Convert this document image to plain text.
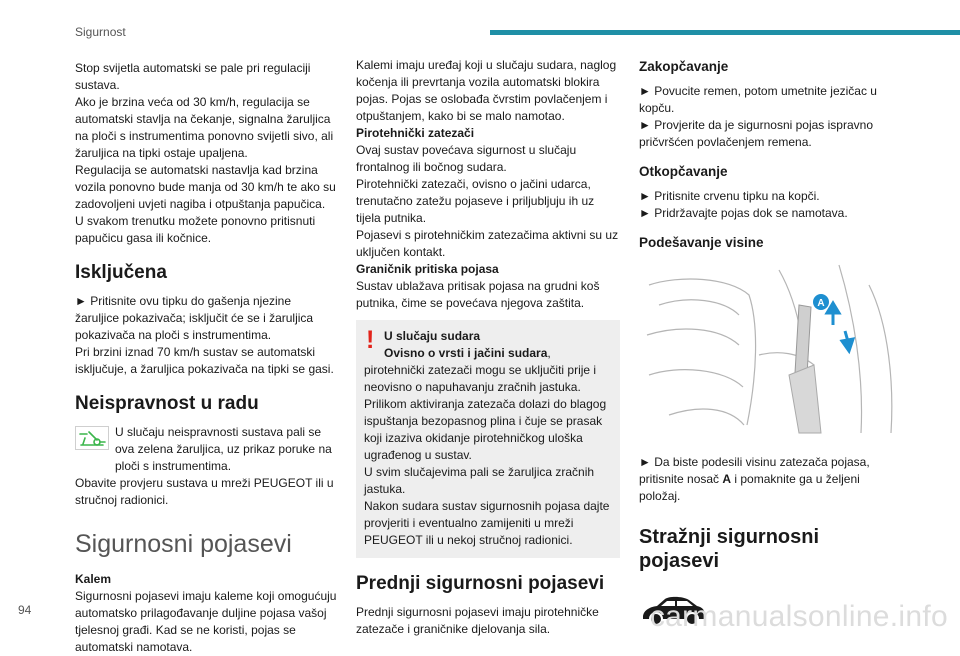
Sigurnost
Stop svijetla automatski se pale pri regulaciji sustava.
Ako je brzina veća od 30 km/h, regulacija se automatski stavlja na čekanje, signalna žaruljica na ploči s instrumentima ponovno svijetli sivo, ali žaruljica na tipki ostaje upaljena.
Regulacija se automatski nastavlja kad brzina vozila ponovno bude manja od 30 km/h te ako su zadovoljeni uvjeti nagiba i otpuštanja papučica.
U svakom trenutku možete ponovno pritisnuti papučicu gasa ili kočnice.
Isključena
► Pritisnite ovu tipku do gašenja njezine žaruljice pokazivača; isključit će se i žaruljica pokazivača na ploči s instrumentima.
Pri brzini iznad 70 km/h sustav se automatski isključuje, a žaruljica pokazivača na tipki se gasi.
Neispravnost u radu
U slučaju neispravnosti sustava pali se ova zelena žaruljica, uz prikaz poruke na ploči s instrumentima.
Obavite provjeru sustava u mreži PEUGEOT ili u stručnoj radionici.
Sigurnosni pojasevi
Kalem
Sigurnosni pojasevi imaju kaleme koji omogućuju automatsko prilagođavanje duljine pojasa vašoj tjelesnoj građi. Kad se ne koristi, pojas se automatski namotava.
Kalemi imaju uređaj koji u slučaju sudara, naglog kočenja ili prevrtanja vozila automatski blokira pojas. Pojas se oslobađa čvrstim povlačenjem i otpuštanjem, kako bi se malo namotao.
Pirotehnički zatezači
Ovaj sustav povećava sigurnost u slučaju frontalnog ili bočnog sudara.
Pirotehnički zatezači, ovisno o jačini udarca, trenutačno zatežu pojaseve i priljubljuju ih uz tijela putnika.
Pojasevi s pirotehničkim zatezačima aktivni su uz uključen kontakt.
Graničnik pritiska pojasa
Sustav ublažava pritisak pojasa na grudni koš putnika, čime se povećava njegova zaštita.
! U slučaju sudara
Ovisno o vrsti i jačini sudara,
pirotehnički zatezači mogu se uključiti prije i neovisno o napuhavanju zračnih jastuka.
Prilikom aktiviranja zatezača dolazi do blagog ispuštanja bezopasnog plina i čuje se prasak koji izaziva okidanje pirotehničkog uloška ugrađenog u sustav.
U svim slučajevima pali se žaruljica zračnih jastuka.
Nakon sudara sustav sigurnosnih pojasa dajte provjeriti i eventualno zamijeniti u mreži PEUGEOT ili u nekoj stručnoj radionici.
Prednji sigurnosni pojasevi
Prednji sigurnosni pojasevi imaju pirotehničke zatezače i graničnike djelovanja sila.
Zakopčavanje
► Povucite remen, potom umetnite jezičac u kopču.
► Provjerite da je sigurnosni pojas ispravno pričvršćen povlačenjem remena.
Otkopčavanje
► Pritisnite crvenu tipku na kopči.
► Pridržavajte pojas dok se namotava.
Podešavanje visine
A
► Da biste podesili visinu zatezača pojasa, pritisnite nosač A i pomaknite ga u željeni položaj.
Stražnji sigurnosni pojasevi
94	carmanualsonline.info
